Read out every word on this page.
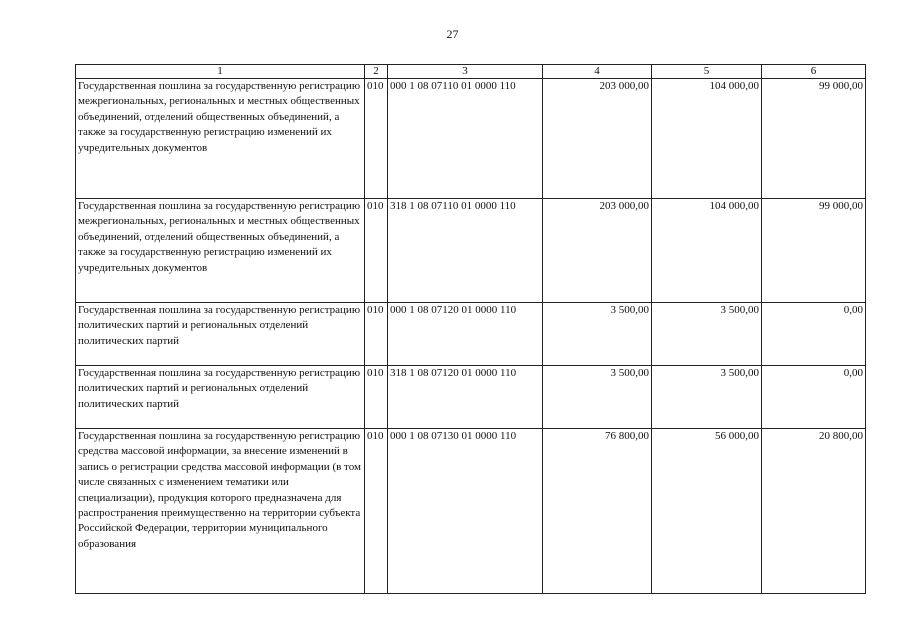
27
1	2	3	4	5	6
Государственная пошлина за государственную регистрацию межрегиональных, региональных и местных общественных объединений, отделений общественных объединений, а также за государственную регистрацию изменений их учредительных документов	010	000 1 08 07110 01 0000 110	203 000,00	104 000,00	99 000,00
Государственная пошлина за государственную регистрацию межрегиональных, региональных и местных общественных объединений, отделений общественных объединений, а также за государственную регистрацию изменений их учредительных документов	010	318 1 08 07110 01 0000 110	203 000,00	104 000,00	99 000,00
Государственная пошлина за государственную регистрацию политических партий и региональных отделений политических партий	010	000 1 08 07120 01 0000 110	3 500,00	3 500,00	0,00
Государственная пошлина за государственную регистрацию политических партий и региональных отделений политических партий	010	318 1 08 07120 01 0000 110	3 500,00	3 500,00	0,00
Государственная пошлина за государственную регистрацию средства массовой информации, за внесение изменений в запись о регистрации средства массовой информации (в том числе связанных с изменением тематики или специализации), продукция которого предназначена для распространения преимущественно на территории субъекта Российской Федерации, территории муниципального образования	010	000 1 08 07130 01 0000 110	76 800,00	56 000,00	20 800,00
